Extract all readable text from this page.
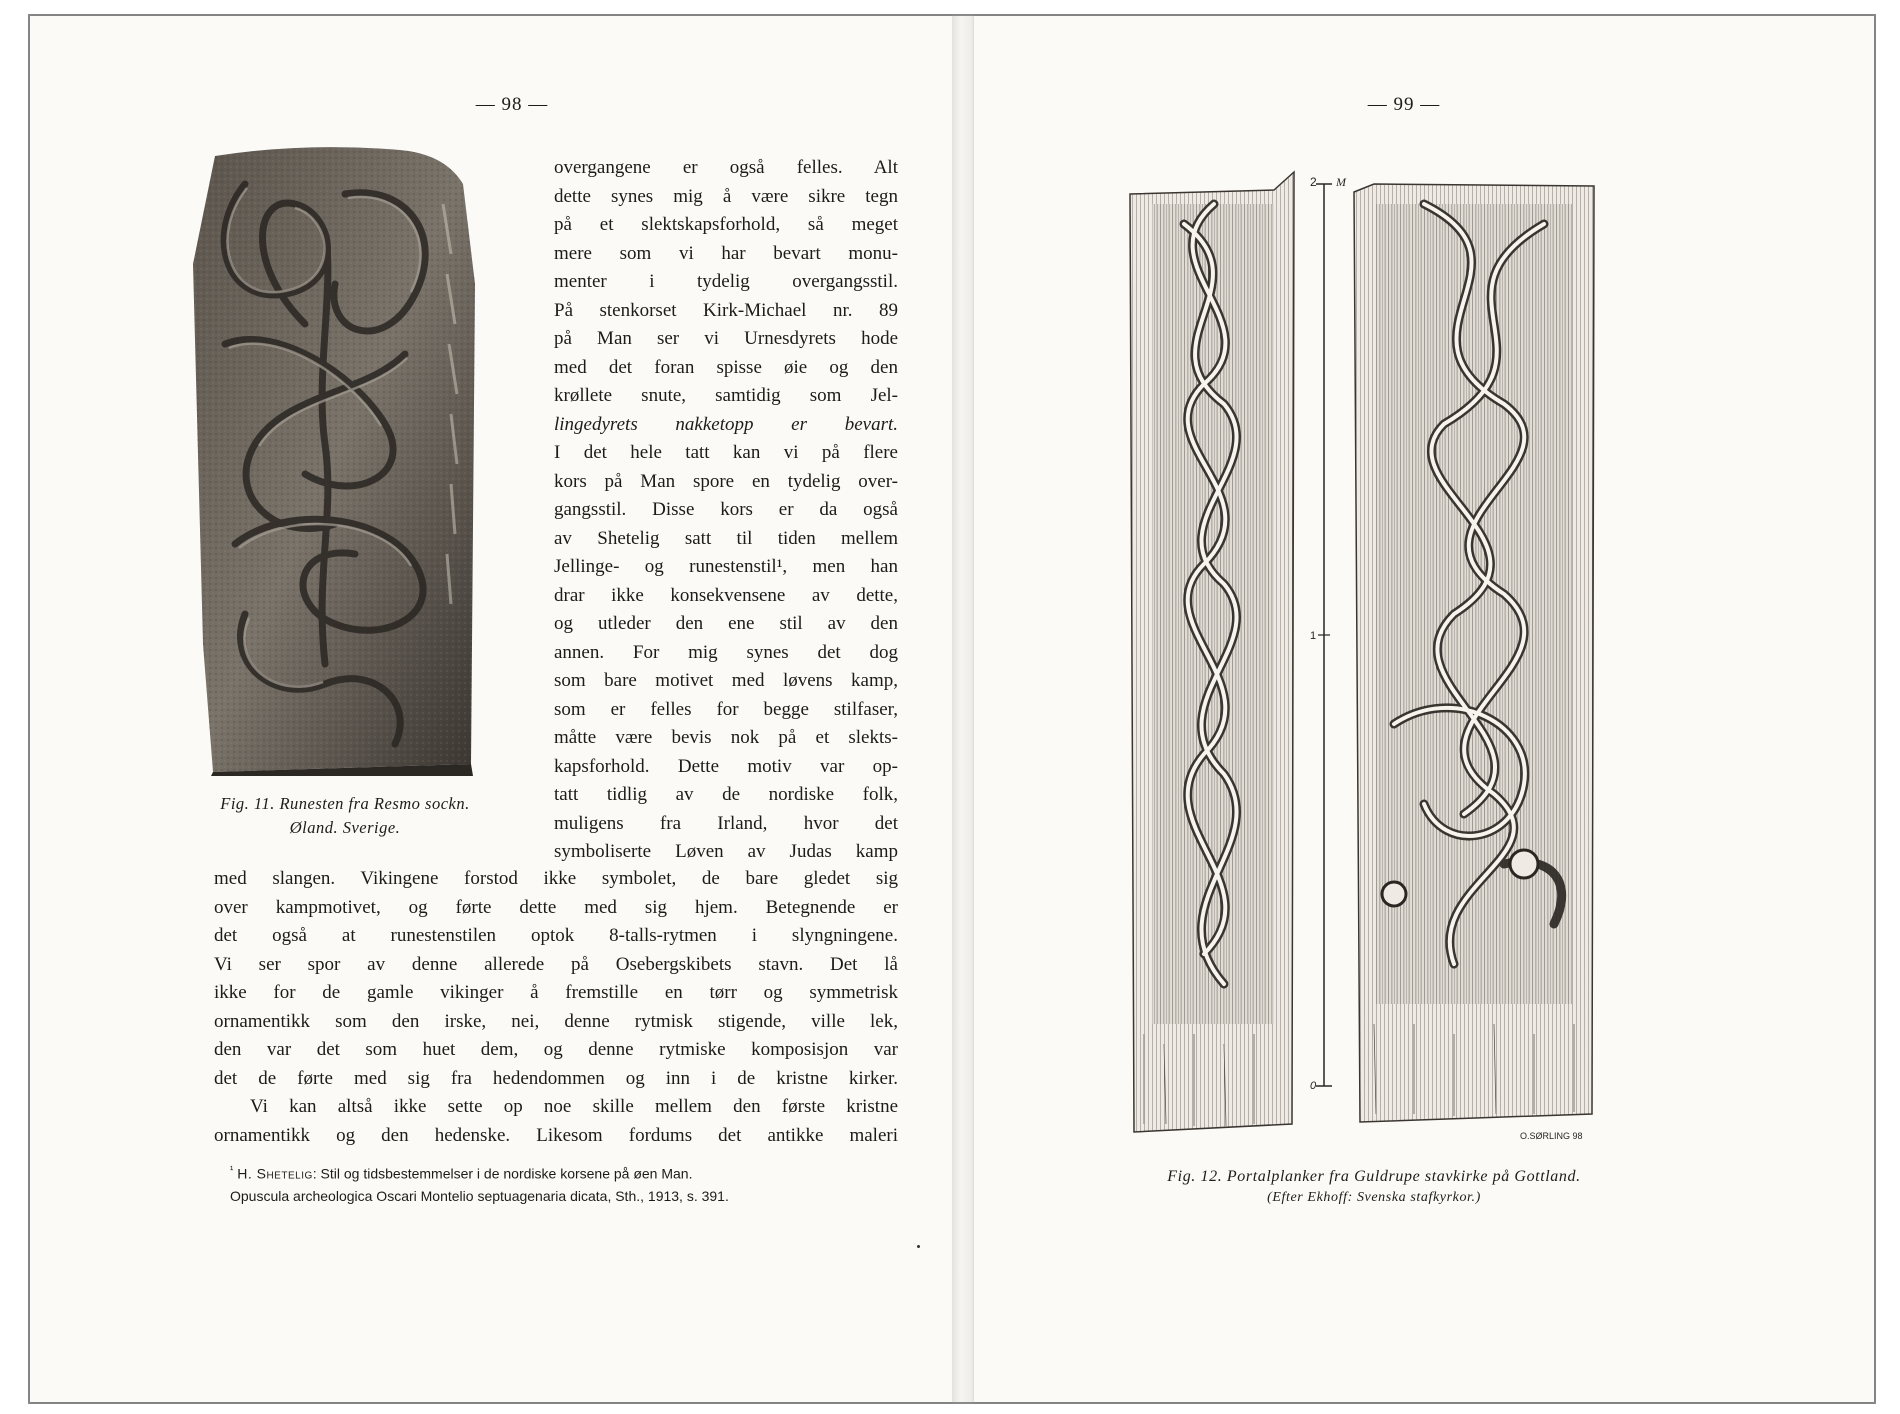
— 98 —
Fig. 11. Runesten fra Resmo sockn.
Øland. Sverige.
overgangene er også felles. Alt
dette synes mig å være sikre tegn
på et slektskapsforhold, så meget
mere som vi har bevart monu-
menter i tydelig overgangsstil.
På stenkorset Kirk-Michael nr. 89
på Man ser vi Urnesdyrets hode
med det foran spisse øie og den
krøllete snute, samtidig som Jel-
lingedyrets nakketopp er bevart.
I det hele tatt kan vi på flere
kors på Man spore en tydelig over-
gangsstil. Disse kors er da også
av Shetelig satt til tiden mellem
Jellinge- og runestenstil¹, men han
drar ikke konsekvensene av dette,
og utleder den ene stil av den
annen. For mig synes det dog
som bare motivet med løvens kamp,
som er felles for begge stilfaser,
måtte være bevis nok på et slekts-
kapsforhold. Dette motiv var op-
tatt tidlig av de nordiske folk,
muligens fra Irland, hvor det
symboliserte Løven av Judas kamp
med slangen. Vikingene forstod ikke symbolet, de bare gledet sig
over kampmotivet, og førte dette med sig hjem. Betegnende er
det også at runestenstilen optok 8-talls-rytmen i slyngningene.
Vi ser spor av denne allerede på Osebergskibets stavn. Det lå
ikke for de gamle vikinger å fremstille en tørr og symmetrisk
ornamentikk som den irske, nei, denne rytmisk stigende, ville lek,
den var det som huet dem, og denne rytmiske komposisjon var
det de førte med sig fra hedendommen og inn i de kristne kirker.
Vi kan altså ikke sette op noe skille mellem den første kristne
ornamentikk og den hedenske. Likesom fordums det antikke maleri
$^{^1}$ H. Shetelig: Stil og tidsbestemmelser i de nordiske korsene på øen Man.
Opuscula archeologica Oscari Montelio septuagenaria dicata, Sth., 1913, s. 391.
— 99 —
2 M
1
0
O.SØRLING 98
Fig. 12. Portalplanker fra Guldrupe stavkirke på Gottland.
(Efter Ekhoff: Svenska stafkyrkor.)
